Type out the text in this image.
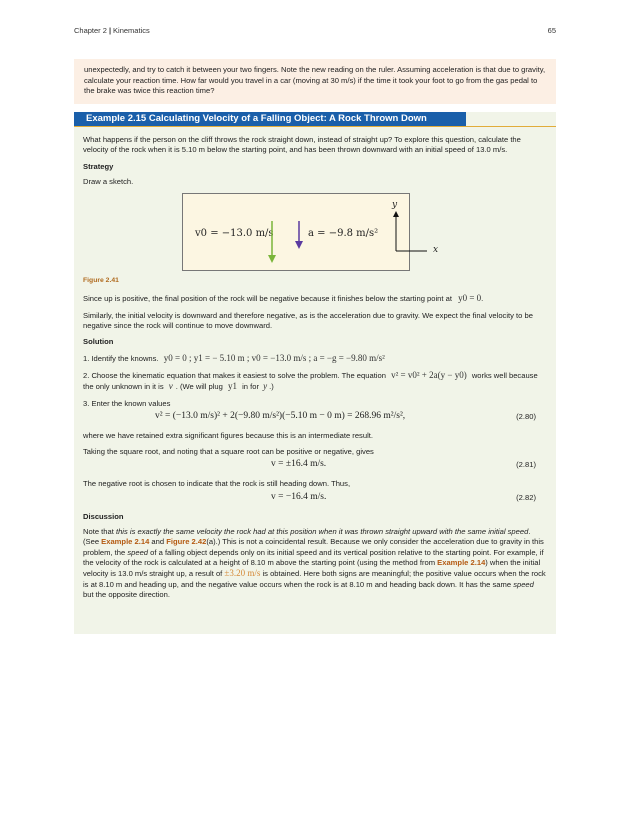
Chapter 2 | Kinematics	65
unexpectedly, and try to catch it between your two fingers. Note the new reading on the ruler. Assuming acceleration is that due to gravity, calculate your reaction time. How far would you travel in a car (moving at 30 m/s) if the time it took your foot to go from the gas pedal to the brake was twice this reaction time?
Example 2.15 Calculating Velocity of a Falling Object: A Rock Thrown Down

What happens if the person on the cliff throws the rock straight down, instead of straight up? To explore this question, calculate the velocity of the rock when it is 5.10 m below the starting point, and has been thrown downward with an initial speed of 13.0 m/s.

Strategy

Draw a sketch.

v0 = −13.0 m/s	a = −9.8 m/s²
y
x
Figure 2.41

Since up is positive, the final position of the rock will be negative because it finishes below the starting point at y0 = 0.

Similarly, the initial velocity is downward and therefore negative, as is the acceleration due to gravity. We expect the final velocity to be negative since the rock will continue to move downward.

Solution

1. Identify the knowns. y0 = 0 ; y1 = − 5.10 m ; v0 = −13.0 m/s ; a = −g = −9.80 m/s²

2. Choose the kinematic equation that makes it easiest to solve the problem. The equation v² = v0² + 2a(y − y0) works well because the only unknown in it is v . (We will plug y1 in for y .)

3. Enter the known values

v² = (−13.0 m/s)² + 2(−9.80 m/s²)(−5.10 m − 0 m) = 268.96 m²/s²,	(2.80)

where we have retained extra significant figures because this is an intermediate result.

Taking the square root, and noting that a square root can be positive or negative, gives

v = ±16.4 m/s.	(2.81)

The negative root is chosen to indicate that the rock is still heading down. Thus,

v = −16.4 m/s.	(2.82)
Discussion

Note that this is exactly the same velocity the rock had at this position when it was thrown straight upward with the same initial speed. (See Example 2.14 and Figure 2.42(a).) This is not a coincidental result. Because we only consider the acceleration due to gravity in this problem, the speed of a falling object depends only on its initial speed and its vertical position relative to the starting point. For example, if the velocity of the rock is calculated at a height of 8.10 m above the starting point (using the method from Example 2.14) when the initial velocity is 13.0 m/s straight up, a result of ±3.20 m/s is obtained. Here both signs are meaningful; the positive value occurs when the rock is at 8.10 m and heading up, and the negative value occurs when the rock is at 8.10 m and heading back down. It has the same speed but the opposite direction.
